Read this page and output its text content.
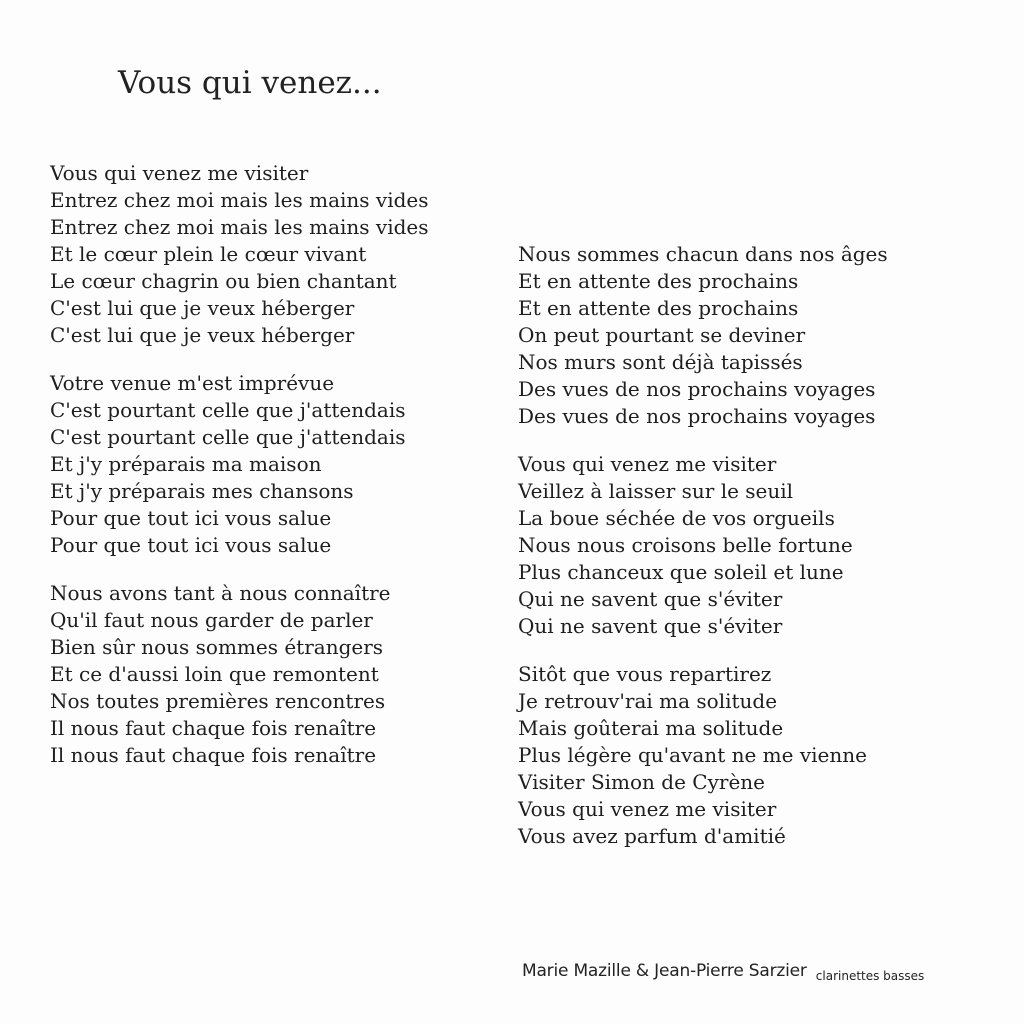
Vous qui venez...
Vous qui venez me visiter
Entrez chez moi mais les mains vides
Entrez chez moi mais les mains vides
Et le cœur plein le cœur vivant
Le cœur chagrin ou bien chantant
C'est lui que je veux héberger
C'est lui que je veux héberger
Votre venue m'est imprévue
C'est pourtant celle que j'attendais
C'est pourtant celle que j'attendais
Et j'y préparais ma maison
Et j'y préparais mes chansons
Pour que tout ici vous salue
Pour que tout ici vous salue
Nous avons tant à nous connaître
Qu'il faut nous garder de parler
Bien sûr nous sommes étrangers
Et ce d'aussi loin que remontent
Nos toutes premières rencontres
Il nous faut chaque fois renaître
Il nous faut chaque fois renaître
Nous sommes chacun dans nos âges
Et en attente des prochains
Et en attente des prochains
On peut pourtant se deviner
Nos murs sont déjà tapissés
Des vues de nos prochains voyages
Des vues de nos prochains voyages
Vous qui venez me visiter
Veillez à laisser sur le seuil
La boue séchée de vos orgueils
Nous nous croisons belle fortune
Plus chanceux que soleil et lune
Qui ne savent que s'éviter
Qui ne savent que s'éviter
Sitôt que vous repartirez
Je retrouv'rai ma solitude
Mais goûterai ma solitude
Plus légère qu'avant ne me vienne
Visiter Simon de Cyrène
Vous qui venez me visiter
Vous avez parfum d'amitié
Marie Mazille & Jean-Pierre Sarzier $_{clarinettes basses}$
